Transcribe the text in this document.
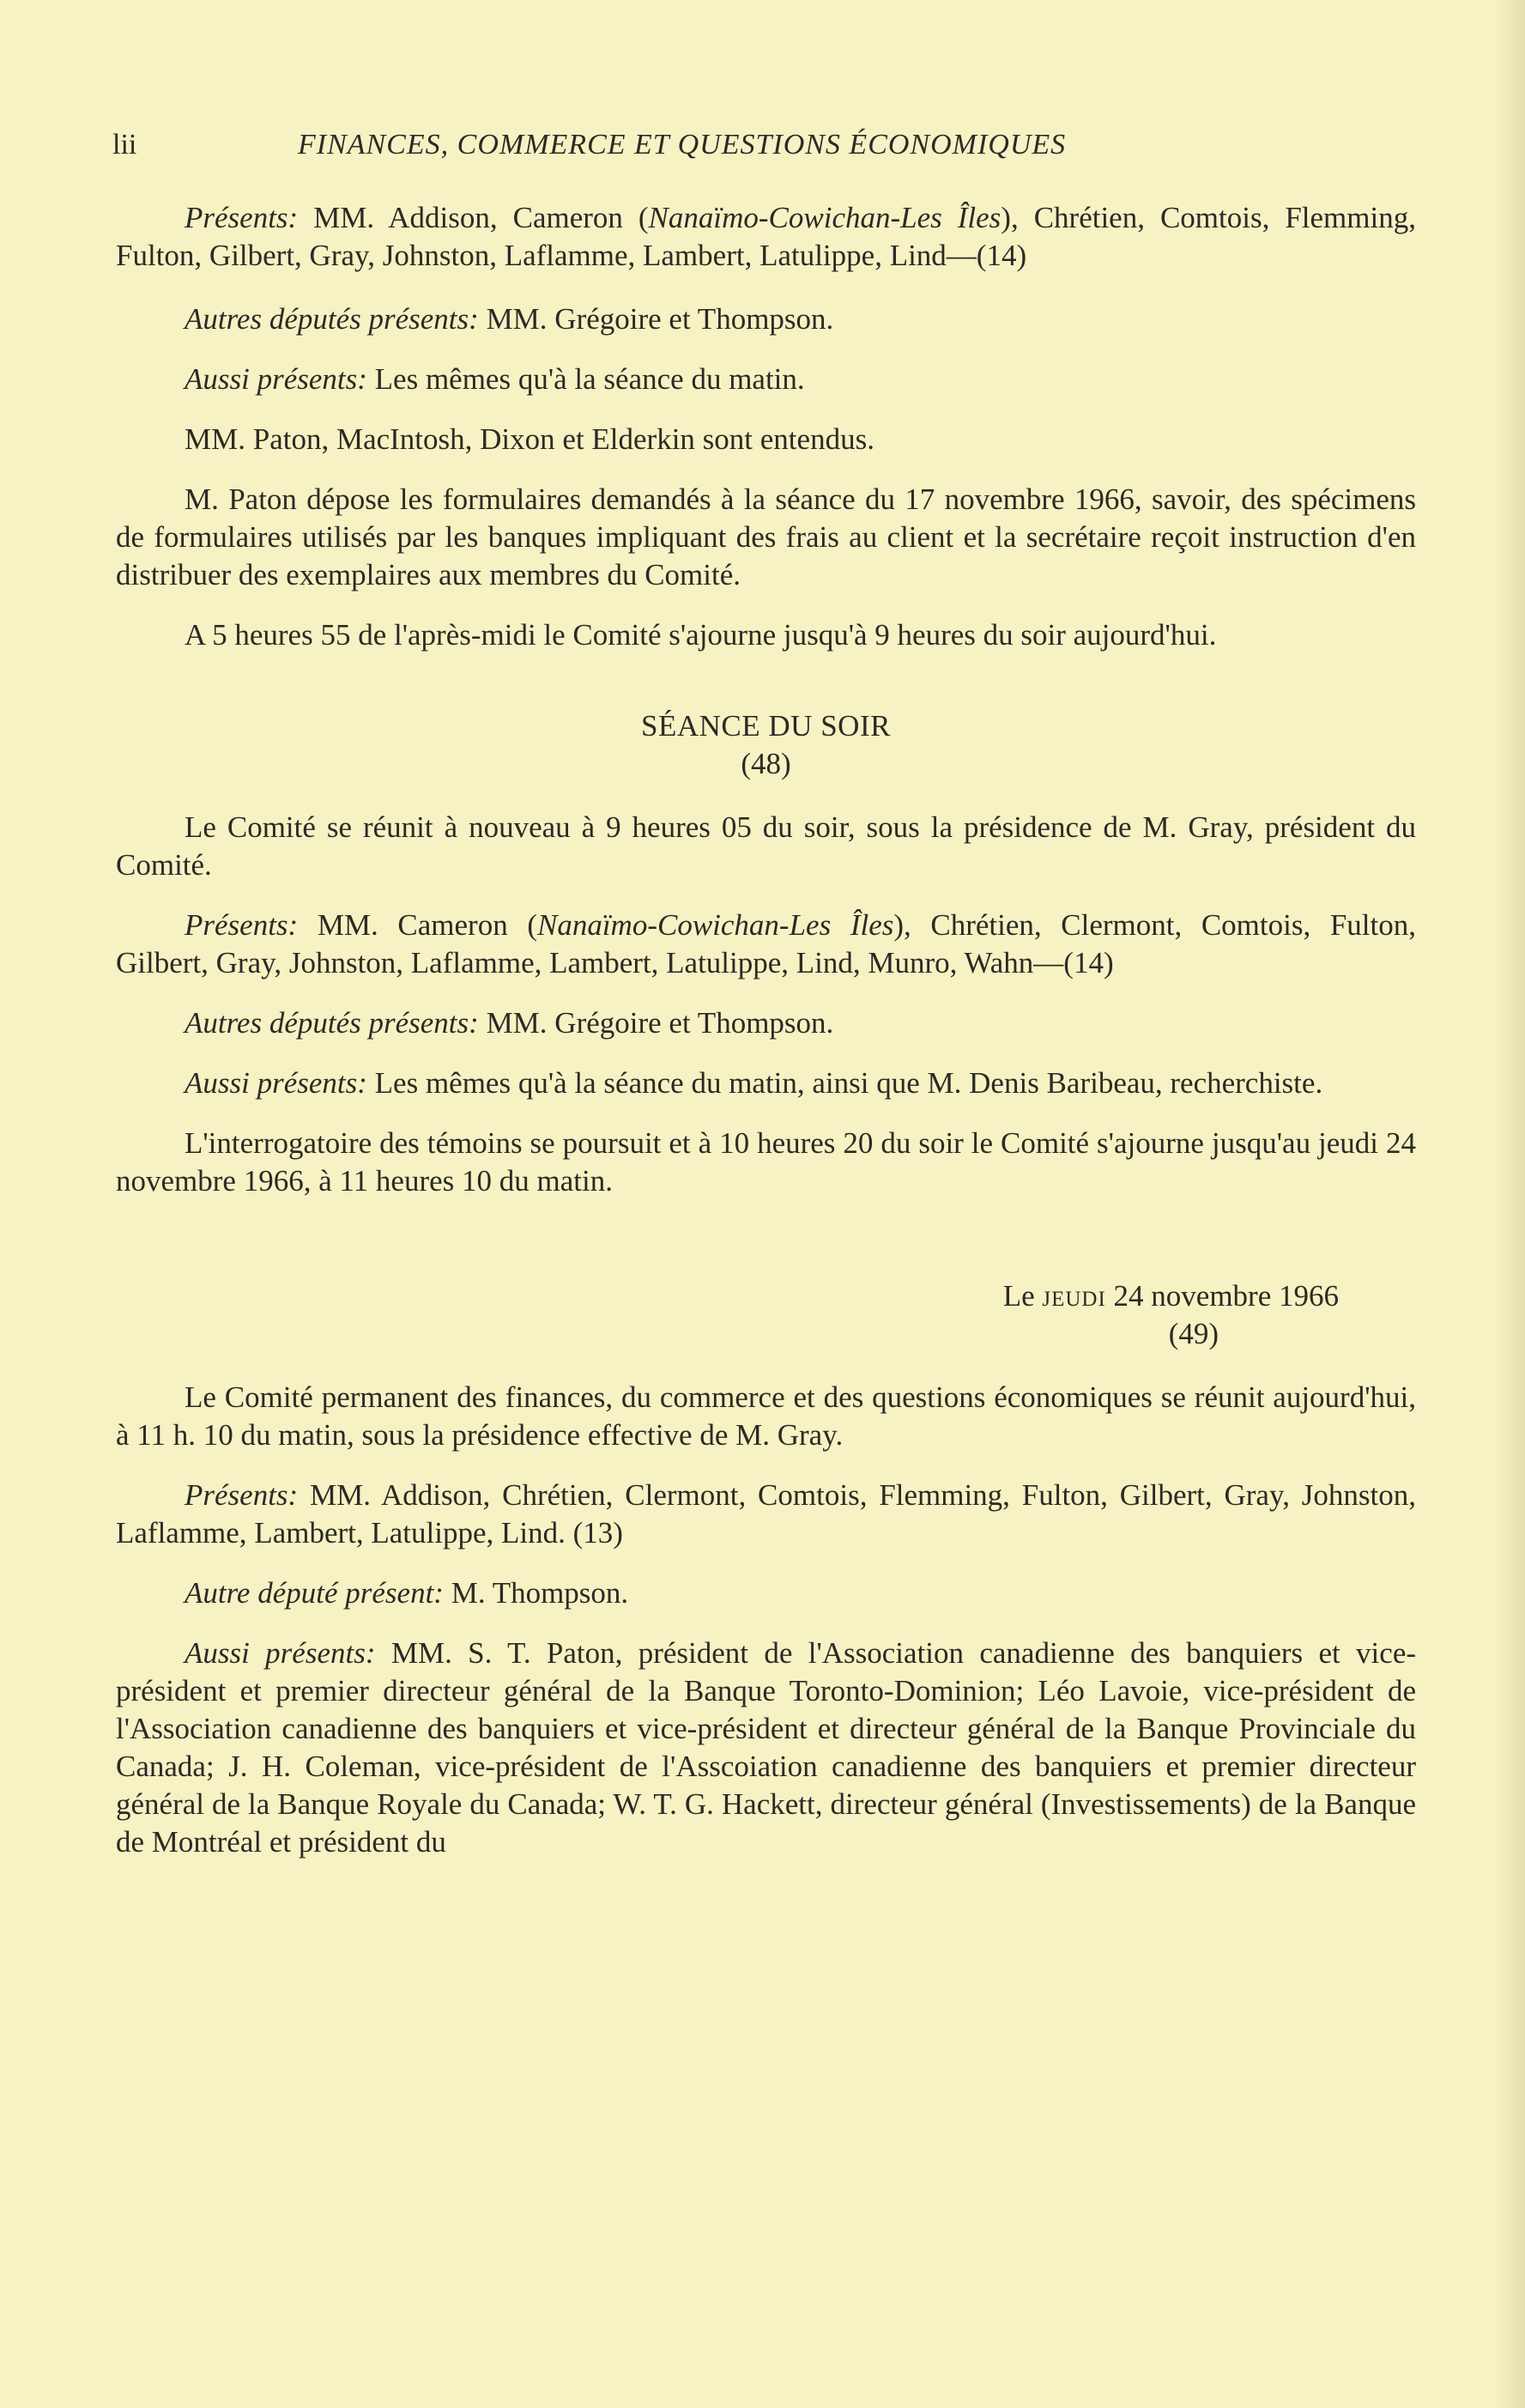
lii	FINANCES, COMMERCE ET QUESTIONS ÉCONOMIQUES

Présents: MM. Addison, Cameron (Nanaïmo-Cowichan-Les Îles), Chrétien, Comtois, Flemming, Fulton, Gilbert, Gray, Johnston, Laflamme, Lambert, Latulippe, Lind—(14)

Autres députés présents: MM. Grégoire et Thompson.

Aussi présents: Les mêmes qu'à la séance du matin.

MM. Paton, MacIntosh, Dixon et Elderkin sont entendus.

M. Paton dépose les formulaires demandés à la séance du 17 novembre 1966, savoir, des spécimens de formulaires utilisés par les banques impliquant des frais au client et la secrétaire reçoit instruction d'en distribuer des exemplaires aux membres du Comité.

A 5 heures 55 de l'après-midi le Comité s'ajourne jusqu'à 9 heures du soir aujourd'hui.

SÉANCE DU SOIR
(48)

Le Comité se réunit à nouveau à 9 heures 05 du soir, sous la présidence de M. Gray, président du Comité.

Présents: MM. Cameron (Nanaïmo-Cowichan-Les Îles), Chrétien, Clermont, Comtois, Fulton, Gilbert, Gray, Johnston, Laflamme, Lambert, Latulippe, Lind, Munro, Wahn—(14)

Autres députés présents: MM. Grégoire et Thompson.

Aussi présents: Les mêmes qu'à la séance du matin, ainsi que M. Denis Baribeau, recherchiste.

L'interrogatoire des témoins se poursuit et à 10 heures 20 du soir le Comité s'ajourne jusqu'au jeudi 24 novembre 1966, à 11 heures 10 du matin.

Le jeudi 24 novembre 1966
(49)

Le Comité permanent des finances, du commerce et des questions économiques se réunit aujourd'hui, à 11 h. 10 du matin, sous la présidence effective de M. Gray.

Présents: MM. Addison, Chrétien, Clermont, Comtois, Flemming, Fulton, Gilbert, Gray, Johnston, Laflamme, Lambert, Latulippe, Lind. (13)

Autre député présent: M. Thompson.

Aussi présents: MM. S. T. Paton, président de l'Association canadienne des banquiers et vice-président et premier directeur général de la Banque Toronto-Dominion; Léo Lavoie, vice-président de l'Association canadienne des banquiers et vice-président et directeur général de la Banque Provinciale du Canada; J. H. Coleman, vice-président de l'Asscoiation canadienne des banquiers et premier directeur général de la Banque Royale du Canada; W. T. G. Hackett, directeur général (Investissements) de la Banque de Montréal et président du
